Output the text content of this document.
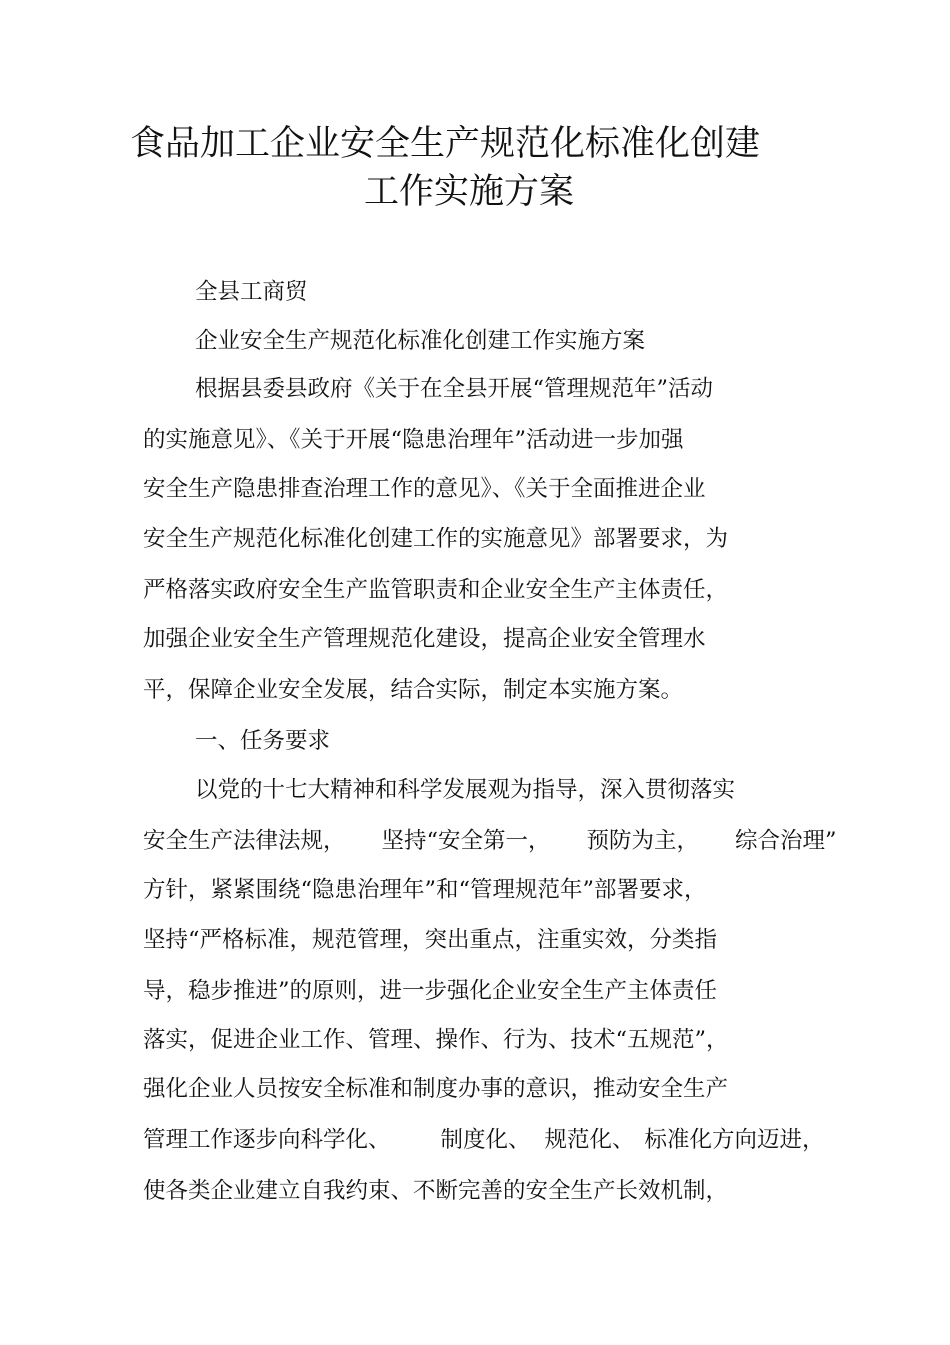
食品加工企业安全生产规范化标准化创建
工作实施方案
全县工商贸
企业安全生产规范化标准化创建工作实施方案
根据县委县政府《关于在全县开展“管理规范年”活动
的实施意见》、《关于开展“隐患治理年”活动进一步加强
安全生产隐患排查治理工作的意见》、《关于全面推进企业
安全生产规范化标准化创建工作的实施意见》部署要求，为
严格落实政府安全生产监管职责和企业安全生产主体责任，
加强企业安全生产管理规范化建设，提高企业安全管理水
平，保障企业安全发展，结合实际，制定本实施方案。
一、任务要求
以党的十七大精神和科学发展观为指导，深入贯彻落实
安全生产法律法规， 坚持“安全第一， 预防为主， 综合治理”
方针，紧紧围绕“隐患治理年”和“管理规范年”部署要求，
坚持“严格标准，规范管理，突出重点，注重实效，分类指
导，稳步推进”的原则，进一步强化企业安全生产主体责任
落实，促进企业工作、管理、操作、行为、技术“五规范”，
强化企业人员按安全标准和制度办事的意识，推动安全生产
管理工作逐步向科学化、 制度化、 规范化、 标准化方向迈进，
使各类企业建立自我约束、不断完善的安全生产长效机制，
